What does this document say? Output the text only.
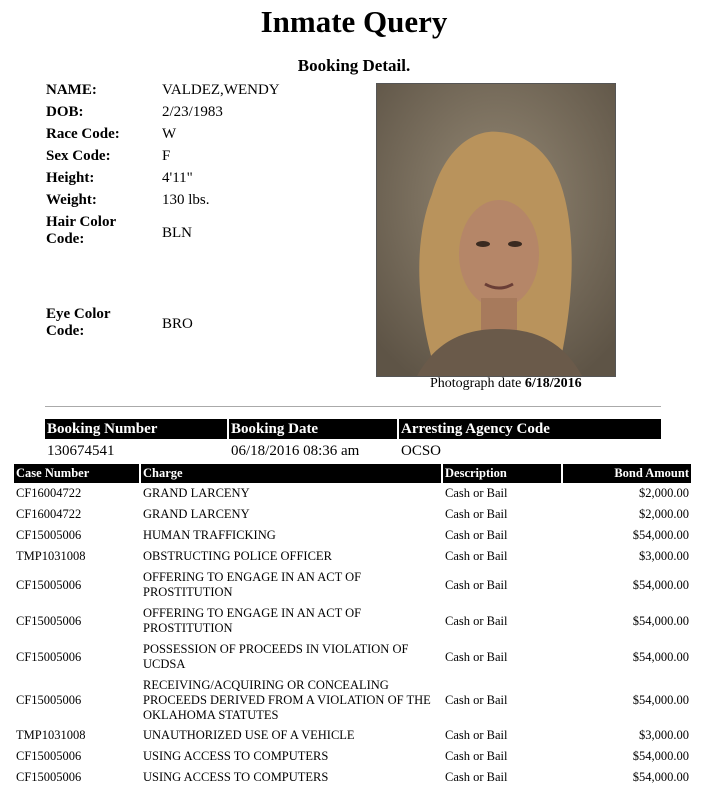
Inmate Query
Booking Detail.
NAME:	VALDEZ,WENDY
DOB:	2/23/1983
Race Code:	W
Sex Code:	F
Height:	4'11"
Weight:	130 lbs.
Hair Color Code:	BLN
Eye Color Code:	BRO
Photograph date 6/18/2016
Booking Number	Booking Date	Arresting Agency Code
130674541	06/18/2016 08:36 am	OCSO
Case Number	Charge	Description	Bond Amount
CF16004722	GRAND LARCENY	Cash or Bail	$2,000.00
CF16004722	GRAND LARCENY	Cash or Bail	$2,000.00
CF15005006	HUMAN TRAFFICKING	Cash or Bail	$54,000.00
TMP1031008	OBSTRUCTING POLICE OFFICER	Cash or Bail	$3,000.00
CF15005006	OFFERING TO ENGAGE IN AN ACT OF PROSTITUTION	Cash or Bail	$54,000.00
CF15005006	OFFERING TO ENGAGE IN AN ACT OF PROSTITUTION	Cash or Bail	$54,000.00
CF15005006	POSSESSION OF PROCEEDS IN VIOLATION OF UCDSA	Cash or Bail	$54,000.00
CF15005006	RECEIVING/ACQUIRING OR CONCEALING PROCEEDS DERIVED FROM A VIOLATION OF THE OKLAHOMA STATUTES	Cash or Bail	$54,000.00
TMP1031008	UNAUTHORIZED USE OF A VEHICLE	Cash or Bail	$3,000.00
CF15005006	USING ACCESS TO COMPUTERS	Cash or Bail	$54,000.00
CF15005006	USING ACCESS TO COMPUTERS	Cash or Bail	$54,000.00
